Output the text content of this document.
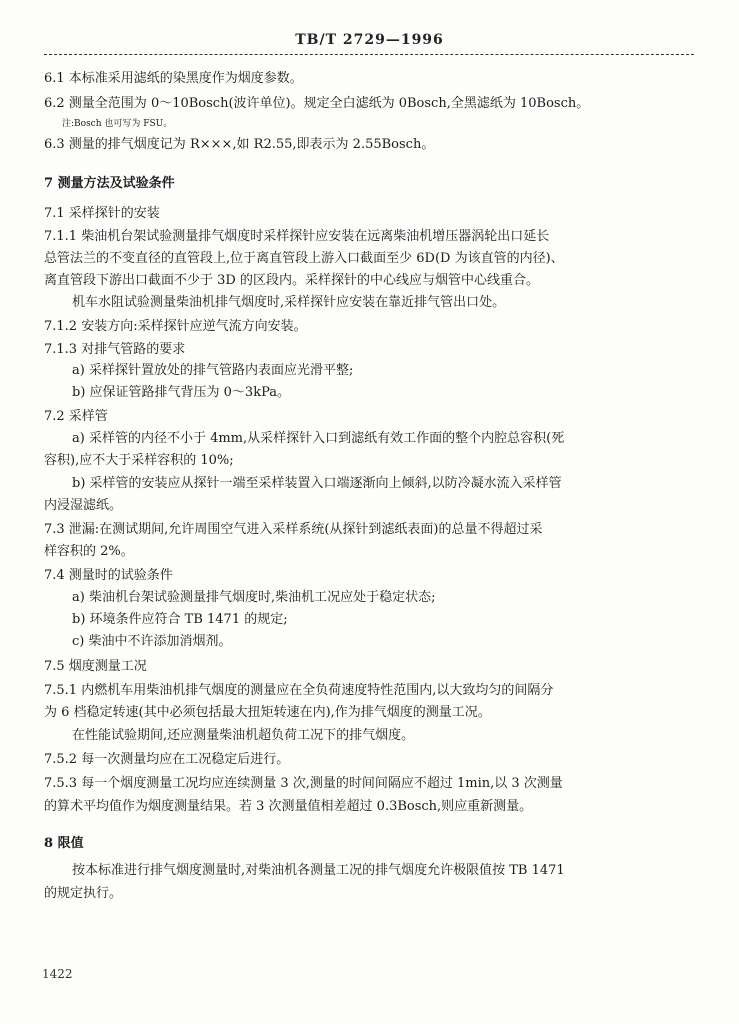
TB/T 2729—1996
6.1 本标准采用滤纸的染黑度作为烟度参数。
6.2 测量全范围为 0～10Bosch(波许单位)。规定全白滤纸为 0Bosch,全黑滤纸为 10Bosch。
注:Bosch 也可写为 FSU。
6.3 测量的排气烟度记为 R×××,如 R2.55,即表示为 2.55Bosch。
7 测量方法及试验条件
7.1 采样探针的安装
7.1.1 柴油机台架试验测量排气烟度时采样探针应安装在远离柴油机增压器涡轮出口延长
总管法兰的不变直径的直管段上,位于离直管段上游入口截面至少 6D(D 为该直管的内径)、
离直管段下游出口截面不少于 3D 的区段内。采样探针的中心线应与烟管中心线重合。
机车水阻试验测量柴油机排气烟度时,采样探针应安装在靠近排气管出口处。
7.1.2 安装方向:采样探针应逆气流方向安装。
7.1.3 对排气管路的要求
a) 采样探针置放处的排气管路内表面应光滑平整;
b) 应保证管路排气背压为 0～3kPa。
7.2 采样管
a) 采样管的内径不小于 4mm,从采样探针入口到滤纸有效工作面的整个内腔总容积(死
容积),应不大于采样容积的 10%;
b) 采样管的安装应从探针一端至采样装置入口端逐渐向上倾斜,以防冷凝水流入采样管
内浸湿滤纸。
7.3 泄漏:在测试期间,允许周围空气进入采样系统(从探针到滤纸表面)的总量不得超过采
样容积的 2%。
7.4 测量时的试验条件
a) 柴油机台架试验测量排气烟度时,柴油机工况应处于稳定状态;
b) 环境条件应符合 TB 1471 的规定;
c) 柴油中不许添加消烟剂。
7.5 烟度测量工况
7.5.1 内燃机车用柴油机排气烟度的测量应在全负荷速度特性范围内,以大致均匀的间隔分
为 6 档稳定转速(其中必须包括最大扭矩转速在内),作为排气烟度的测量工况。
在性能试验期间,还应测量柴油机超负荷工况下的排气烟度。
7.5.2 每一次测量均应在工况稳定后进行。
7.5.3 每一个烟度测量工况均应连续测量 3 次,测量的时间间隔应不超过 1min,以 3 次测量
的算术平均值作为烟度测量结果。若 3 次测量值相差超过 0.3Bosch,则应重新测量。
8 限值
按本标准进行排气烟度测量时,对柴油机各测量工况的排气烟度允许极限值按 TB 1471
的规定执行。
1422
